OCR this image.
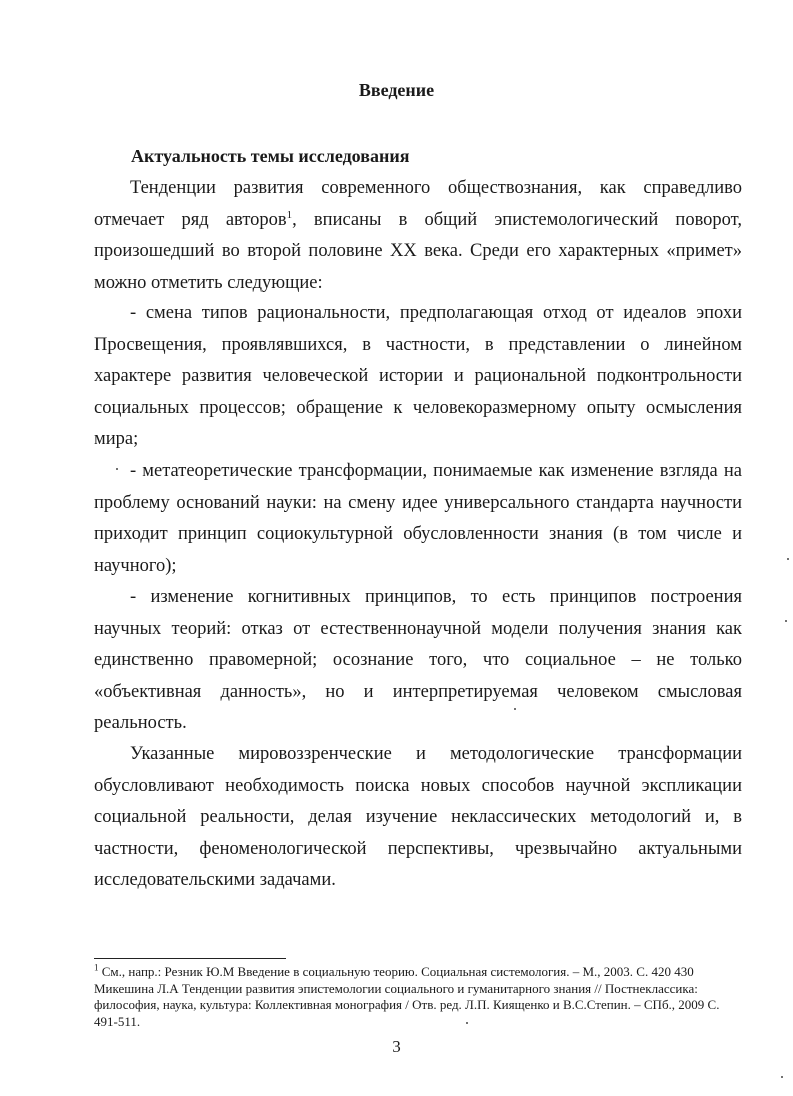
Введение
Актуальность темы исследования

Тенденции развития современного обществознания, как справедливо отмечает ряд авторов$^1$, вписаны в общий эпистемологический поворот, произошедший во второй половине XX века. Среди его характерных «примет» можно отметить следующие:

- смена типов рациональности, предполагающая отход от идеалов эпохи Просвещения, проявлявшихся, в частности, в представлении о линейном характере развития человеческой истории и рациональной подконтрольности социальных процессов; обращение к человекоразмерному опыту осмысления мира;

- метатеоретические трансформации, понимаемые как изменение взгляда на проблему оснований науки: на смену идее универсального стандарта научности приходит принцип социокультурной обусловленности знания (в том числе и научного);

- изменение когнитивных принципов, то есть принципов построения научных теорий: отказ от естественнонаучной модели получения знания как единственно правомерной; осознание того, что социальное – не только «объективная данность», но и интерпретируемая человеком смысловая реальность.

Указанные мировоззренческие и методологические трансформации обусловливают необходимость поиска новых способов научной экспликации социальной реальности, делая изучение неклассических методологий и, в частности, феноменологической перспективы, чрезвычайно актуальными исследовательскими задачами.

$^1$ См., напр.: Резник Ю.М Введение в социальную теорию. Социальная системология. – М., 2003. С. 420 430 Микешина Л.А Тенденции развития эпистемологии социального и гуманитарного знания // Постнеклассика: философия, наука, культура: Коллективная монография / Отв. ред. Л.П. Киященко и В.С.Степин. – СПб., 2009 С. 491-511.

3
